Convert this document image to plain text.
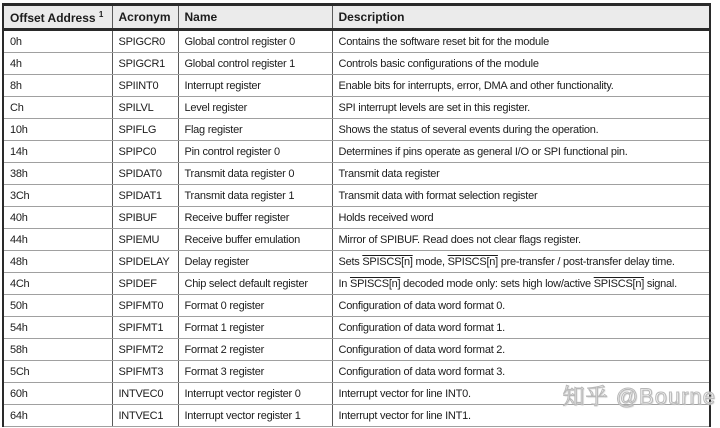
Offset Address $^1$	Acronym	Name	Description
0h	SPIGCR0	Global control register 0	Contains the software reset bit for the module
4h	SPIGCR1	Global control register 1	Controls basic configurations of the module
8h	SPIINT0	Interrupt register	Enable bits for interrupts, error, DMA and other functionality.
Ch	SPILVL	Level register	SPI interrupt levels are set in this register.
10h	SPIFLG	Flag register	Shows the status of several events during the operation.
14h	SPIPC0	Pin control register 0	Determines if pins operate as general I/O or SPI functional pin.
38h	SPIDAT0	Transmit data register 0	Transmit data register
3Ch	SPIDAT1	Transmit data register 1	Transmit data with format selection register
40h	SPIBUF	Receive buffer register	Holds received word
44h	SPIEMU	Receive buffer emulation	Mirror of SPIBUF. Read does not clear flags register.
48h	SPIDELAY	Delay register	Sets SPISCS[n] mode, SPISCS[n] pre-transfer / post-transfer delay time.
4Ch	SPIDEF	Chip select default register	In SPISCS[n] decoded mode only: sets high low/active SPISCS[n] signal.
50h	SPIFMT0	Format 0 register	Configuration of data word format 0.
54h	SPIFMT1	Format 1 register	Configuration of data word format 1.
58h	SPIFMT2	Format 2 register	Configuration of data word format 2.
5Ch	SPIFMT3	Format 3 register	Configuration of data word format 3.
60h	INTVEC0	Interrupt vector register 0	Interrupt vector for line INT0.
64h	INTVEC1	Interrupt vector register 1	Interrupt vector for line INT1.
知乎 @Bourne
